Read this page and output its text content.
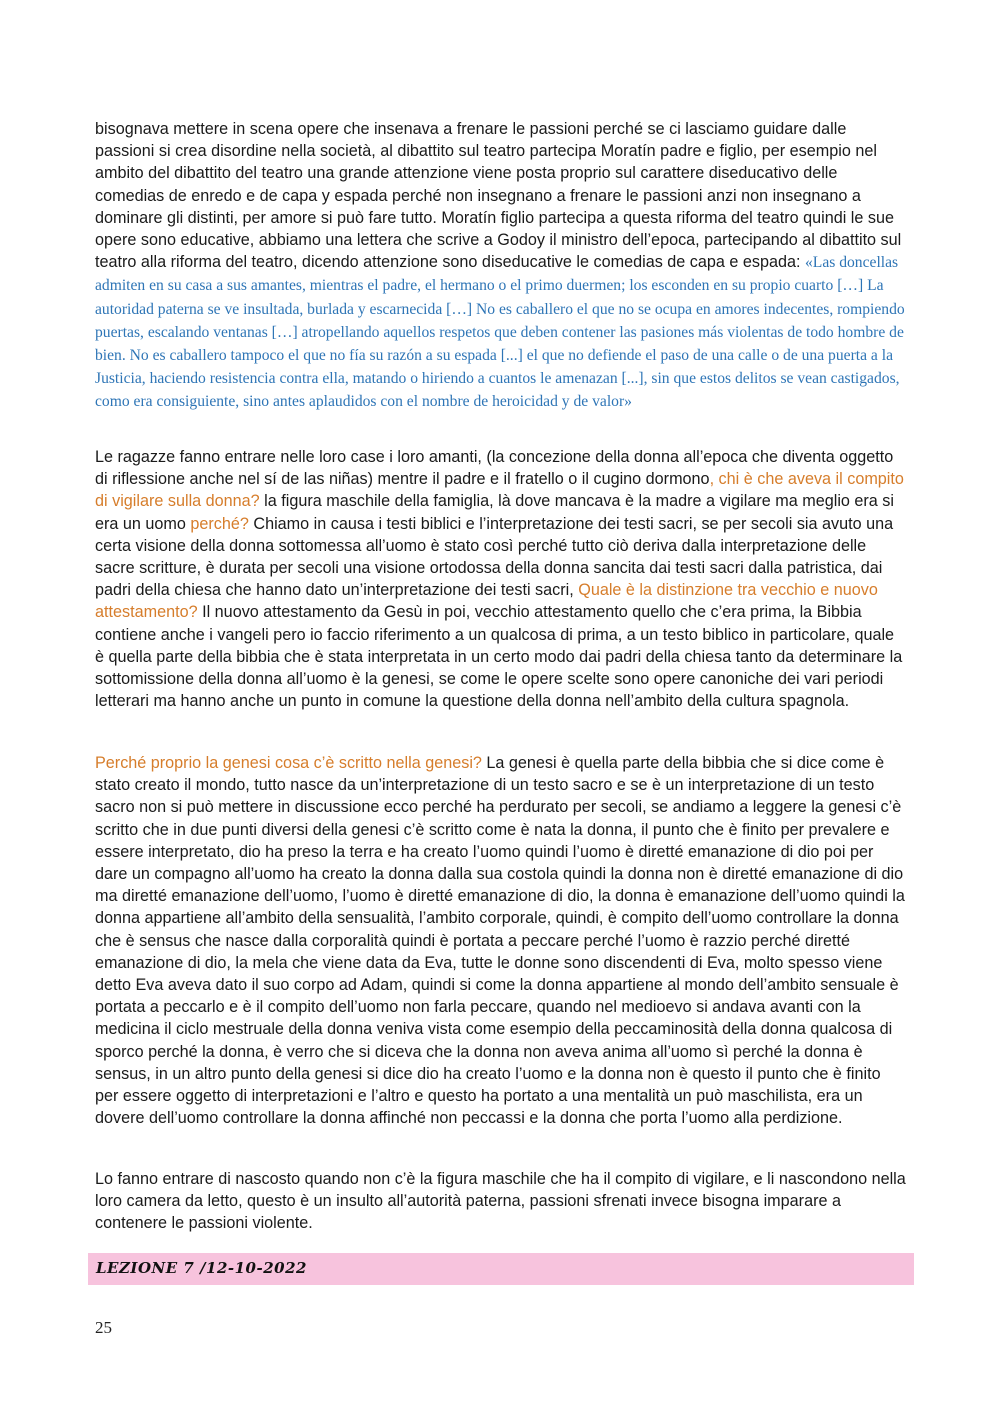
bisognava mettere in scena opere che insenava a frenare le passioni perché se ci lasciamo guidare dalle passioni si crea disordine nella società, al dibattito sul teatro partecipa Moratín padre e figlio, per esempio nel ambito del dibattito del teatro una grande attenzione viene posta proprio sul carattere diseducativo delle comedias de enredo e de capa y espada perché non insegnano a frenare le passioni anzi non insegnano a dominare gli distinti, per amore si può fare tutto. Moratín figlio partecipa a questa riforma del teatro quindi le sue opere sono educative, abbiamo una lettera che scrive a Godoy il ministro dell’epoca, partecipando al dibattito sul teatro alla riforma del teatro, dicendo attenzione sono diseducative le comedias de capa e espada: «Las doncellas admiten en su casa a sus amantes, mientras el padre, el hermano o el primo duermen; los esconden en su propio cuarto […] La autoridad paterna se ve insultada, burlada y escarnecida […] No es caballero el que no se ocupa en amores indecentes, rompiendo puertas, escalando ventanas […] atropellando aquellos respetos que deben contener las pasiones más violentas de todo hombre de bien. No es caballero tampoco el que no fía su razón a su espada [...] el que no defiende el paso de una calle o de una puerta a la Justicia, haciendo resistencia contra ella, matando o hiriendo a cuantos le amenazan [...], sin que estos delitos se vean castigados, como era consiguiente, sino antes aplaudidos con el nombre de heroicidad y de valor»

Le ragazze fanno entrare nelle loro case i loro amanti, (la concezione della donna all’epoca che diventa oggetto di riflessione anche nel sí de las niñas) mentre il padre e il fratello o il cugino dormono, chi è che aveva il compito di vigilare sulla donna? la figura maschile della famiglia, là dove mancava è la madre a vigilare ma meglio era si era un uomo perché? Chiamo in causa i testi biblici e l’interpretazione dei testi sacri, se per secoli sia avuto una certa visione della donna sottomessa all’uomo è stato così perché tutto ciò deriva dalla interpretazione delle sacre scritture, è durata per secoli una visione ortodossa della donna sancita dai testi sacri dalla patristica, dai padri della chiesa che hanno dato un’interpretazione dei testi sacri, Quale è la distinzione tra vecchio e nuovo attestamento? Il nuovo attestamento da Gesù in poi, vecchio attestamento quello che c’era prima, la Bibbia contiene anche i vangeli pero io faccio riferimento a un qualcosa di prima, a un testo biblico in particolare, quale è quella parte della bibbia che è stata interpretata in un certo modo dai padri della chiesa tanto da determinare la sottomissione della donna all’uomo è la genesi, se come le opere scelte sono opere canoniche dei vari periodi letterari ma hanno anche un punto in comune la questione della donna nell’ambito della cultura spagnola.

Perché proprio la genesi cosa c’è scritto nella genesi? La genesi è quella parte della bibbia che si dice come è stato creato il mondo, tutto nasce da un’interpretazione di un testo sacro e se è un interpretazione di un testo sacro non si può mettere in discussione ecco perché ha perdurato per secoli, se andiamo a leggere la genesi c’è scritto che in due punti diversi della genesi c’è scritto come è nata la donna, il punto che è finito per prevalere e essere interpretato, dio ha preso la terra e ha creato l’uomo quindi l’uomo è diretté emanazione di dio poi per dare un compagno all’uomo ha creato la donna dalla sua costola quindi la donna non è diretté emanazione di dio ma diretté emanazione dell’uomo, l’uomo è diretté emanazione di dio, la donna è emanazione dell’uomo quindi la donna appartiene all’ambito della sensualità, l’ambito corporale, quindi, è compito dell’uomo controllare la donna che è sensus che nasce dalla corporalità quindi è portata a peccare perché l’uomo è razzio perché diretté emanazione di dio, la mela che viene data da Eva, tutte le donne sono discendenti di Eva, molto spesso viene detto Eva aveva dato il suo corpo ad Adam, quindi si come la donna appartiene al mondo dell’ambito sensuale è portata a peccarlo e è il compito dell’uomo non farla peccare, quando nel medioevo si andava avanti con la medicina il ciclo mestruale della donna veniva vista come esempio della peccaminosità della donna qualcosa di sporco perché la donna, è verro che si diceva che la donna non aveva anima all’uomo sì perché la donna è sensus, in un altro punto della genesi si dice dio ha creato l’uomo e la donna non è questo il punto che è finito per essere oggetto di interpretazioni e l’altro e questo ha portato a una mentalità un può maschilista, era un dovere dell’uomo controllare la donna affinché non peccassi e la donna che porta l’uomo alla perdizione.

Lo fanno entrare di nascosto quando non c’è la figura maschile che ha il compito di vigilare, e li nascondono nella loro camera da letto, questo è un insulto all’autorità paterna, passioni sfrenati invece bisogna imparare a contenere le passioni violente.

LEZIONE 7 /12-10-2022
25
